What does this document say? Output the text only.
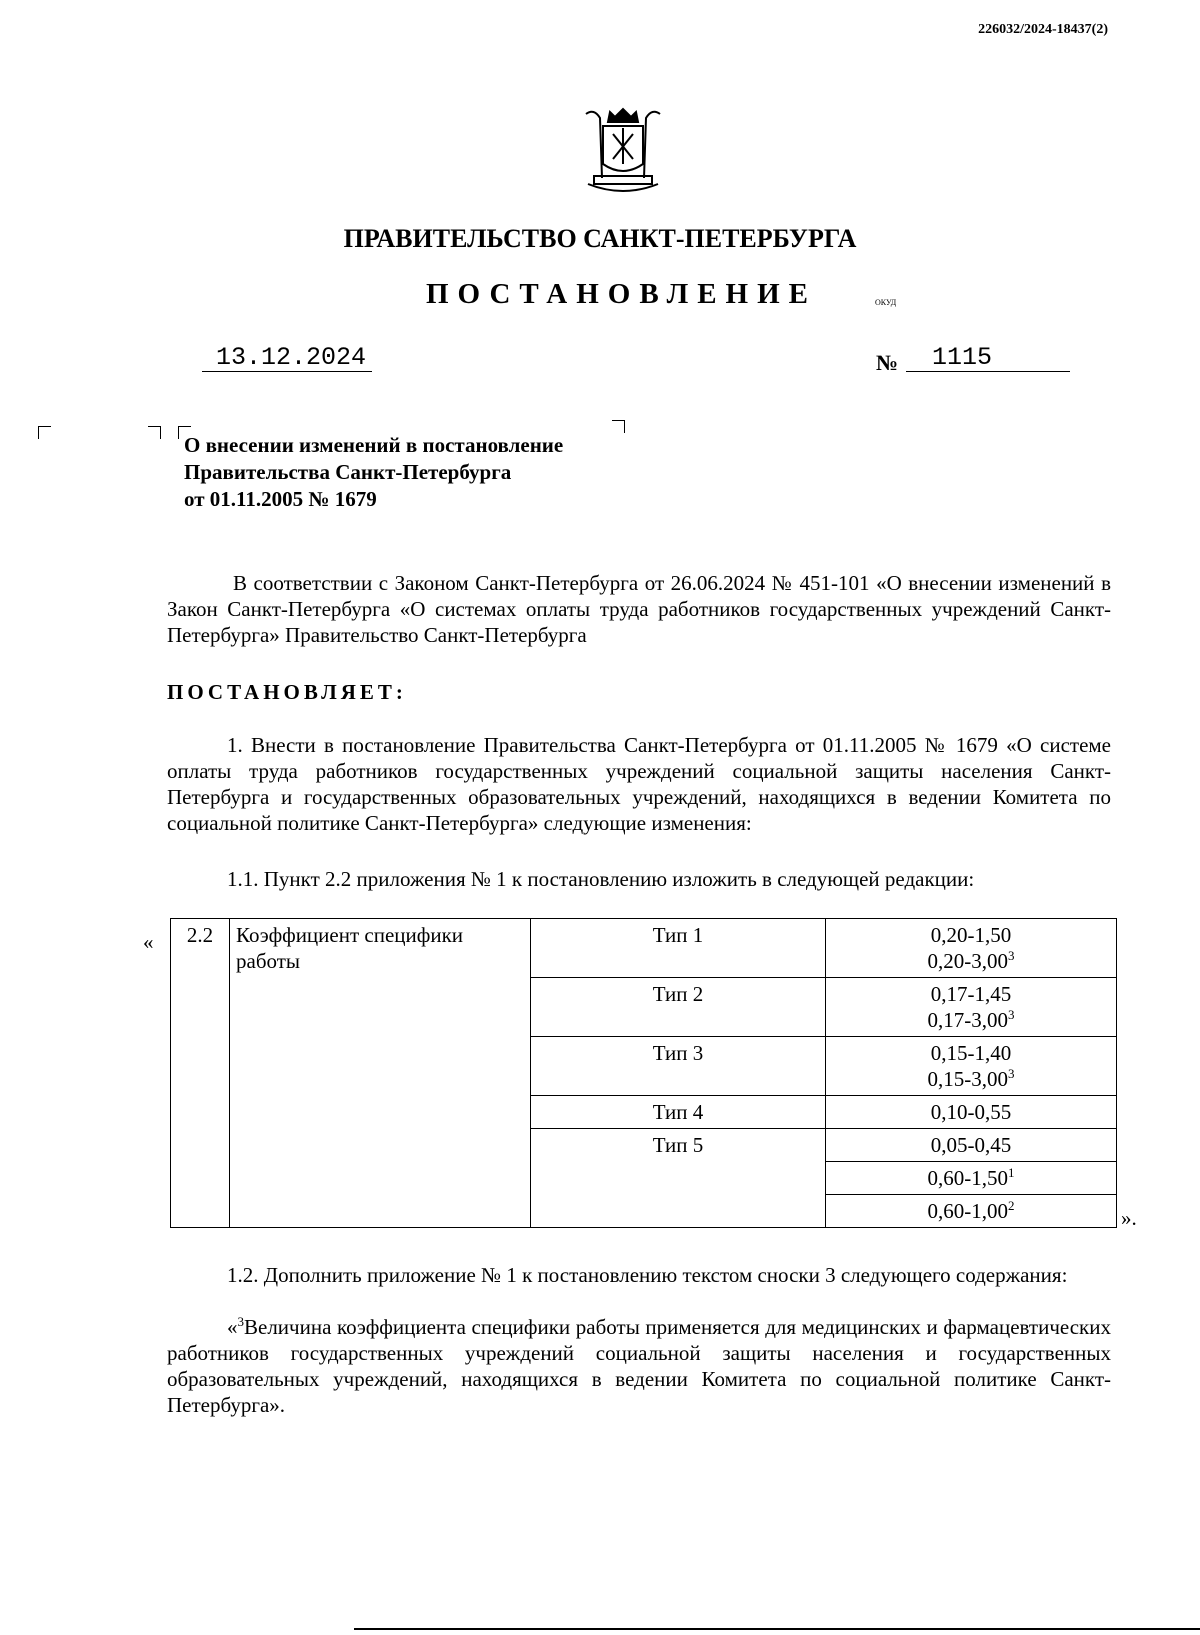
226032/2024-18437(2)
ПРАВИТЕЛЬСТВО САНКТ-ПЕТЕРБУРГА
ПОСТАНОВЛЕНИЕ	окуд
13.12.2024	№	1115
О внесении изменений в постановление
Правительства Санкт-Петербурга
от 01.11.2005 № 1679
В соответствии с Законом Санкт-Петербурга от 26.06.2024 № 451-101 «О внесении изменений в Закон Санкт-Петербурга «О системах оплаты труда работников государственных учреждений Санкт-Петербурга» Правительство Санкт-Петербурга
ПОСТАНОВЛЯЕТ:
1. Внести в постановление Правительства Санкт-Петербурга от 01.11.2005 № 1679 «О системе оплаты труда работников государственных учреждений социальной защиты населения Санкт-Петербурга и государственных образовательных учреждений, находящихся в ведении Комитета по социальной политике Санкт-Петербурга» следующие изменения:
1.1. Пункт 2.2 приложения № 1 к постановлению изложить в следующей редакции:
« 2.2	Коэффициент специфики работы	Тип 1	0,20-1,50
0,20-3,00$^3$

		Тип 2	0,17-1,45
0,17-3,00$^3$

		Тип 3	0,15-1,40
0,15-3,00$^3$

		Тип 4	0,10-0,55
		Тип 5	0,05-0,45
			0,60-1,50$^1$
			0,60-1,00$^2$
».
1.2. Дополнить приложение № 1 к постановлению текстом сноски 3 следующего содержания:
«$^3$Величина коэффициента специфики работы применяется для медицинских и фармацевтических работников государственных учреждений социальной защиты населения и государственных образовательных учреждений, находящихся в ведении Комитета по социальной политике Санкт-Петербурга».
